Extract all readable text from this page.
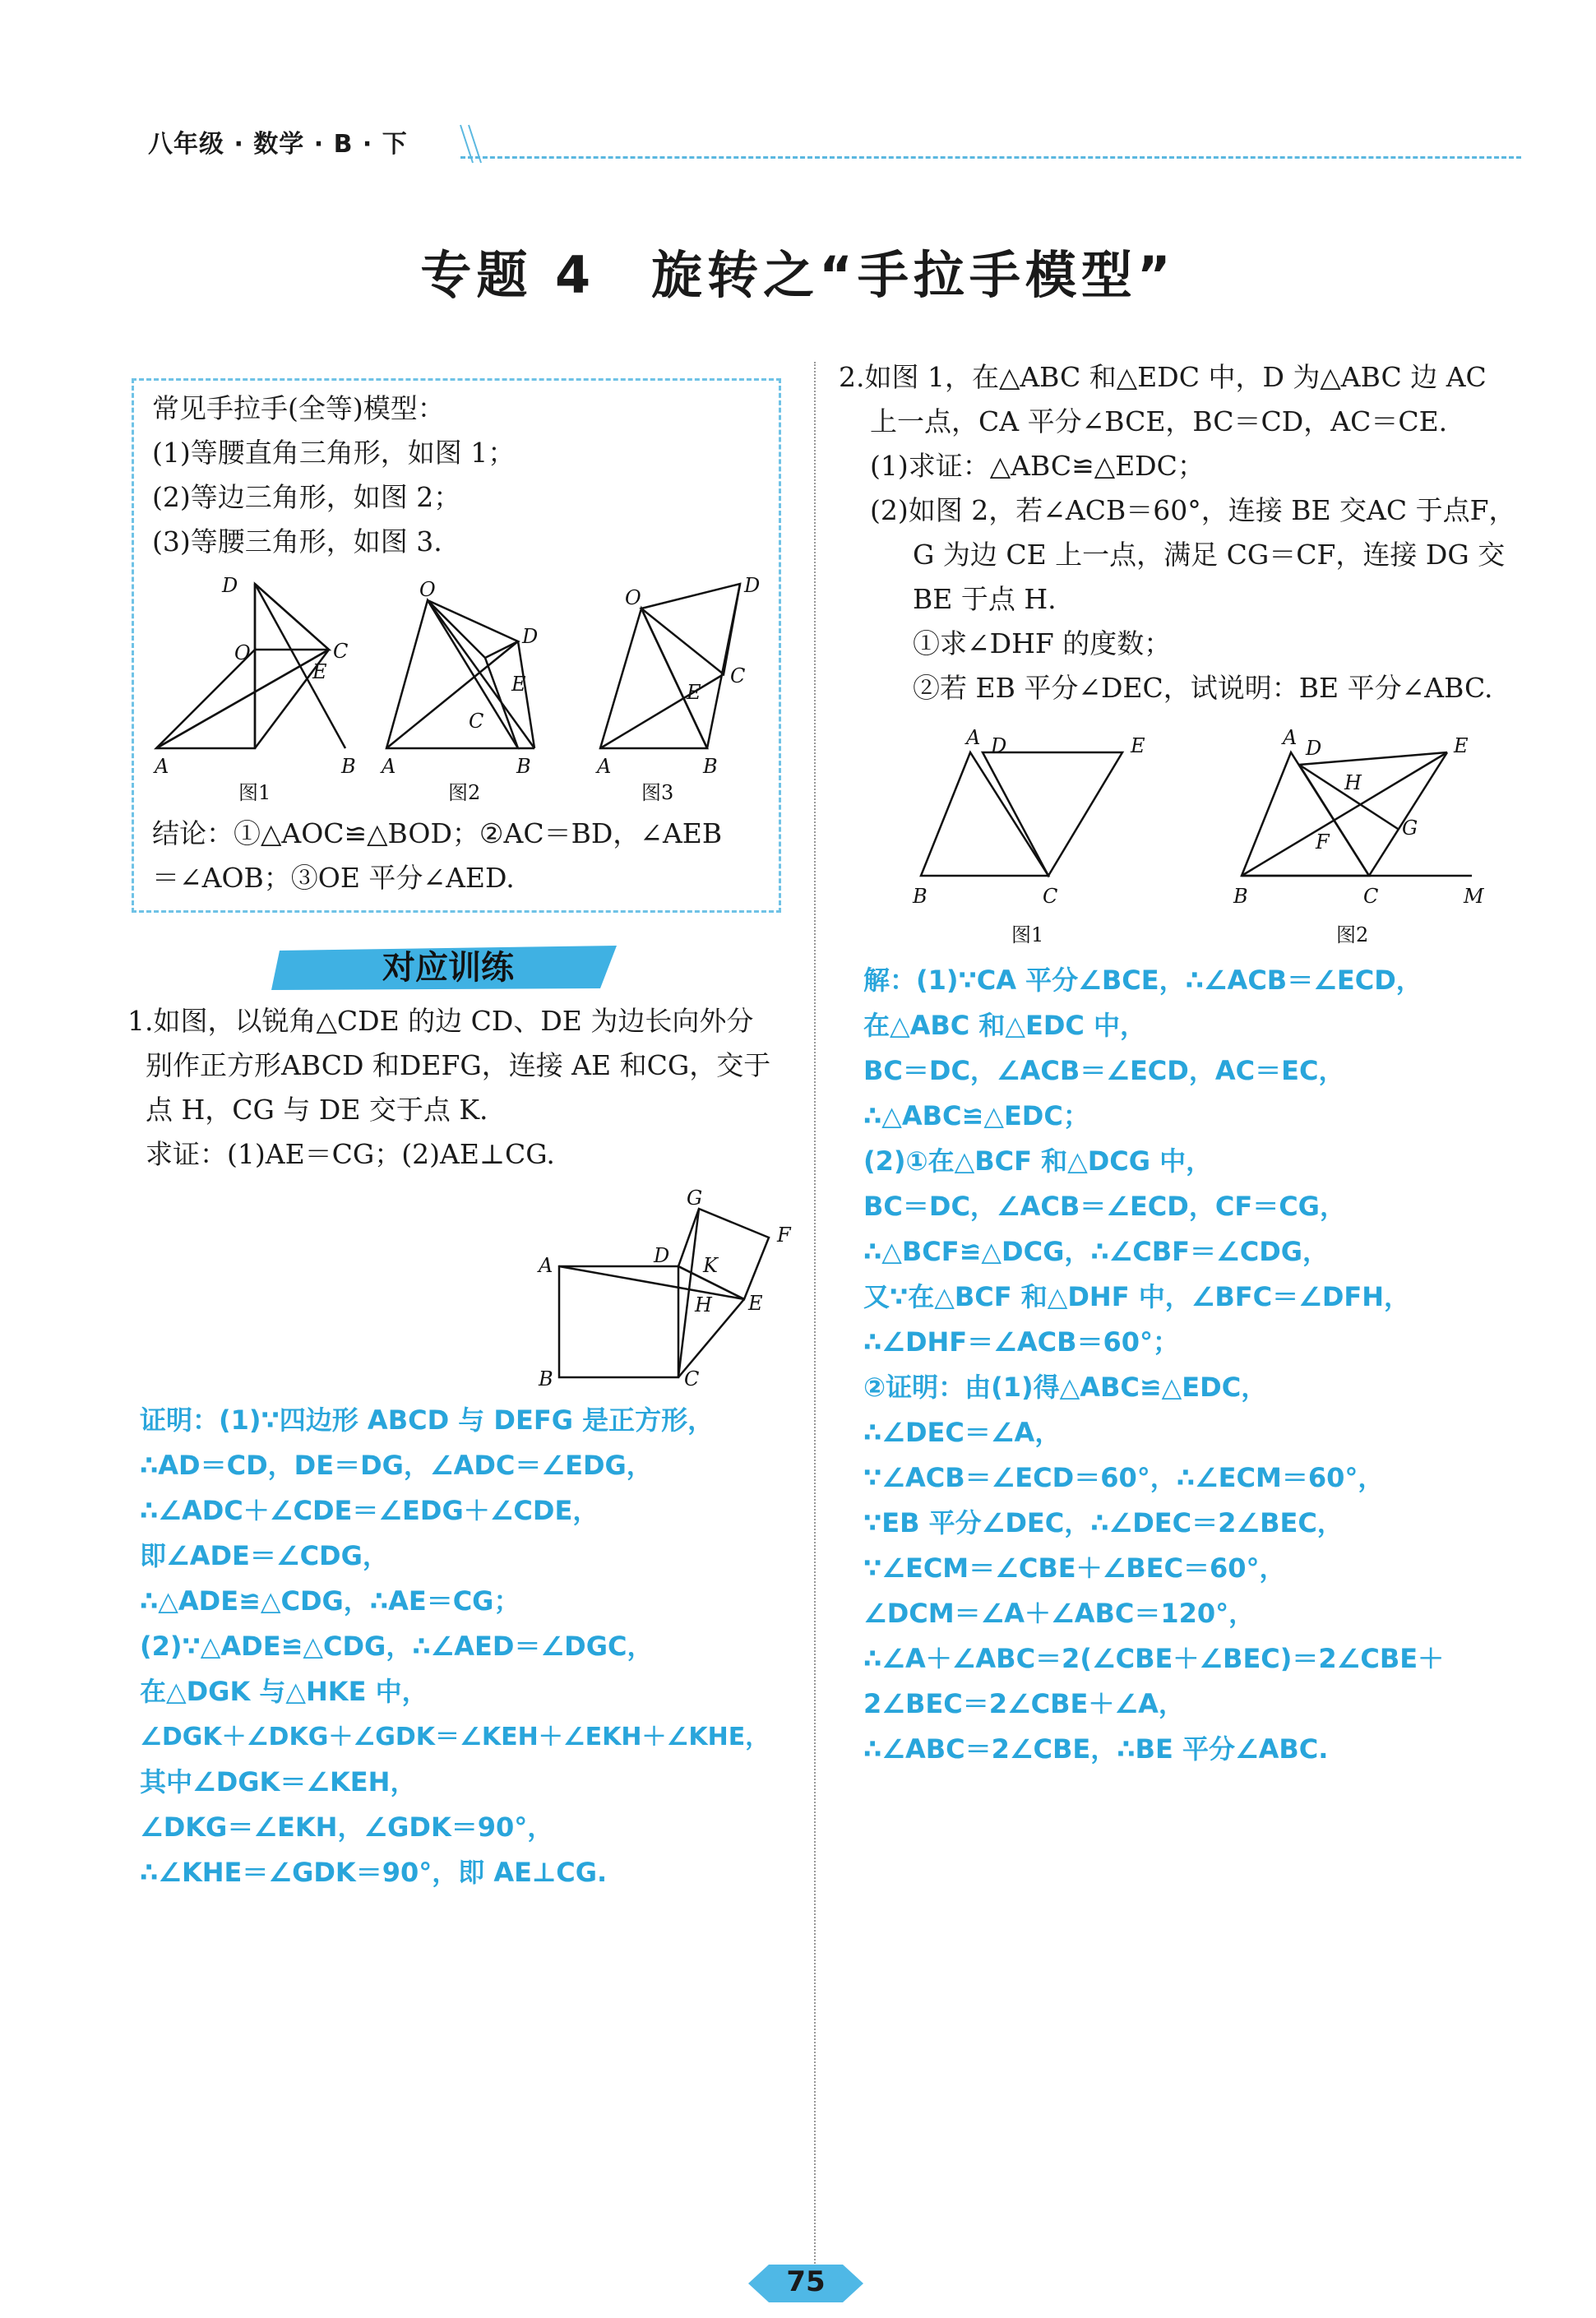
八年级 · 数学 · B · 下
专题 4　旋转之“手拉手模型”
常见手拉手(全等)模型：
(1)等腰直角三角形，如图 1；
(2)等边三角形，如图 2；
(3)等腰三角形，如图 3.
D
O	C
E
A	B
图1
O
D
E
C
A	B
图2
O
D
C
E
A	B
图3
结论：①△AOC≌△BOD；②AC＝BD，∠AEB
＝∠AOB；③OE 平分∠AED.
对应训练
1.如图，以锐角△CDE 的边 CD、DE 为边长向外分
别作正方形ABCD 和DEFG，连接 AE 和CG，交于
点 H，CG 与 DE 交于点 K.
求证：(1)AE＝CG；(2)AE⊥CG.
A	D
G
F
K
H E
B	C
证明：(1)∵四边形 ABCD 与 DEFG 是正方形，
∴AD＝CD，DE＝DG，∠ADC＝∠EDG，
∴∠ADC＋∠CDE＝∠EDG＋∠CDE，
即∠ADE＝∠CDG，
∴△ADE≌△CDG，∴AE＝CG；
(2)∵△ADE≌△CDG，∴∠AED＝∠DGC，
在△DGK 与△HKE 中，
∠DGK＋∠DKG＋∠GDK＝∠KEH＋∠EKH＋∠KHE，
其中∠DGK＝∠KEH，
∠DKG＝∠EKH，∠GDK＝90°，
∴∠KHE＝∠GDK＝90°，即 AE⊥CG.
2.如图 1，在△ABC 和△EDC 中，D 为△ABC 边 AC
上一点，CA 平分∠BCE，BC＝CD，AC＝CE.
(1)求证：△ABC≌△EDC；
(2)如图 2，若∠ACB＝60°，连接 BE 交AC 于点F，
G 为边 CE 上一点，满足 CG＝CF，连接 DG 交
BE 于点 H.
①求∠DHF 的度数；
②若 EB 平分∠DEC，试说明：BE 平分∠ABC.
A D	E
B	C
图1
A D	E
H
G
F
B	C	M
图2
解：(1)∵CA 平分∠BCE，∴∠ACB＝∠ECD，
在△ABC 和△EDC 中，
BC＝DC，∠ACB＝∠ECD，AC＝EC，
∴△ABC≌△EDC；
(2)①在△BCF 和△DCG 中，
BC＝DC，∠ACB＝∠ECD，CF＝CG，
∴△BCF≌△DCG，∴∠CBF＝∠CDG，
又∵在△BCF 和△DHF 中，∠BFC＝∠DFH，
∴∠DHF＝∠ACB＝60°；
②证明：由(1)得△ABC≌△EDC，
∴∠DEC＝∠A，
∵∠ACB＝∠ECD＝60°，∴∠ECM＝60°，
∵EB 平分∠DEC，∴∠DEC＝2∠BEC，
∵∠ECM＝∠CBE＋∠BEC＝60°，
∠DCM＝∠A＋∠ABC＝120°，
∴∠A＋∠ABC＝2(∠CBE＋∠BEC)＝2∠CBE＋
2∠BEC＝2∠CBE＋∠A，
∴∠ABC＝2∠CBE，∴BE 平分∠ABC.
75
